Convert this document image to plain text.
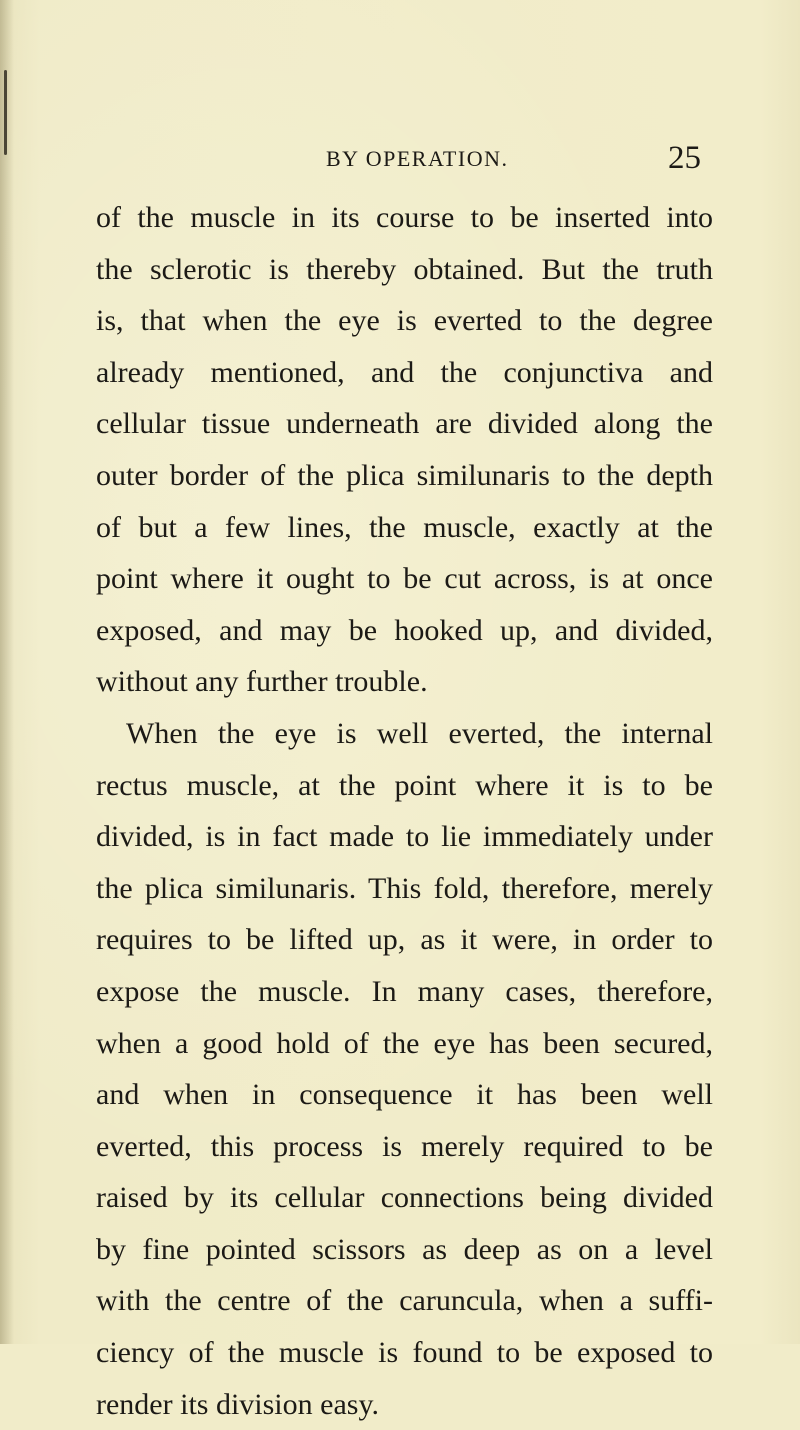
BY OPERATION.	25
of the muscle in its course to be inserted into
the sclerotic is thereby obtained. But the truth
is, that when the eye is everted to the degree
already mentioned, and the conjunctiva and
cellular tissue underneath are divided along the
outer border of the plica similunaris to the depth
of but a few lines, the muscle, exactly at the
point where it ought to be cut across, is at once
exposed, and may be hooked up, and divided,
without any further trouble.
When the eye is well everted, the internal
rectus muscle, at the point where it is to be
divided, is in fact made to lie immediately under
the plica similunaris. This fold, therefore, merely
requires to be lifted up, as it were, in order to
expose the muscle. In many cases, therefore,
when a good hold of the eye has been secured,
and when in consequence it has been well
everted, this process is merely required to be
raised by its cellular connections being divided
by fine pointed scissors as deep as on a level
with the centre of the caruncula, when a suffi-
ciency of the muscle is found to be exposed to
render its division easy.
